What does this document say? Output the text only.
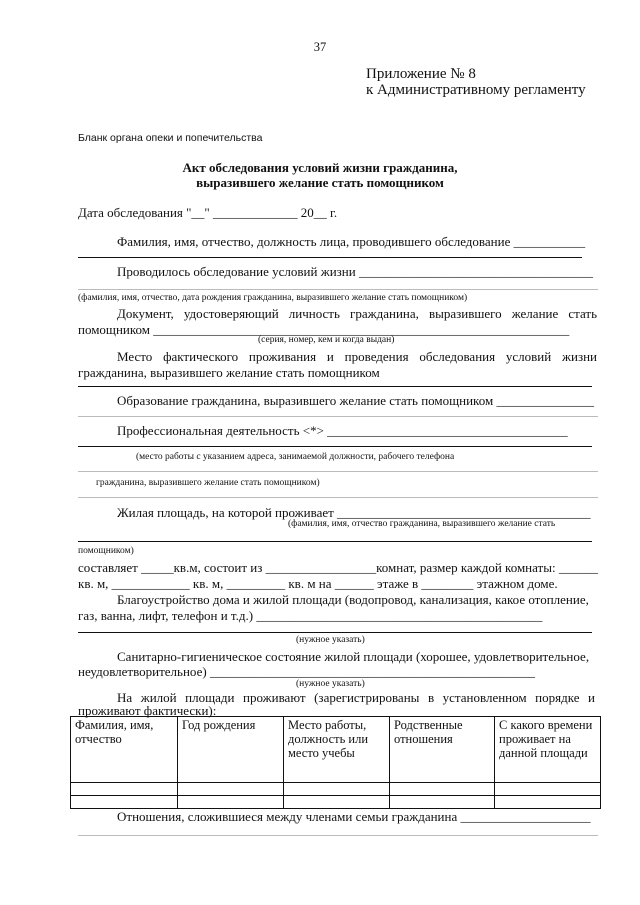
37
Приложение № 8
к Административному регламенту
Бланк органа опеки и попечительства
Акт обследования условий жизни гражданина,
выразившего желание стать помощником
Дата обследования "__" _____________ 20__ г.
Фамилия, имя, отчество, должность лица, проводившего обследование ___________
Проводилось обследование условий жизни ____________________________________
(фамилия, имя, отчество, дата рождения гражданина, выразившего желание стать помощником)
Документ, удостоверяющий личность гражданина, выразившего желание стать
помощником ________________________________________________________________
(серия, номер, кем и когда выдан)
Место фактического проживания и проведения обследования условий жизни
гражданина, выразившего желание стать помощником
Образование гражданина, выразившего желание стать помощником _______________
Профессиональная деятельность <*> _____________________________________
(место работы с указанием адреса, занимаемой должности, рабочего телефона
гражданина, выразившего желание стать помощником)
Жилая площадь, на которой проживает _______________________________________
(фамилия, имя, отчество гражданина, выразившего желание стать
помощником)
составляет _____кв.м, состоит из _________________комнат, размер каждой комнаты: ______
кв. м, ____________ кв. м, _________ кв. м на ______ этаже в ________ этажном доме.
Благоустройство дома и жилой площади (водопровод, канализация, какое отопление,
газ, ванна, лифт, телефон и т.д.) ____________________________________________
(нужное указать)
Санитарно-гигиеническое состояние жилой площади (хорошее, удовлетворительное,
неудовлетворительное) __________________________________________________
(нужное указать)
На жилой площади проживают (зарегистрированы в установленном порядке и
проживают фактически):
Фамилия, имя, отчество	Год рождения	Место работы, должность или место учебы	Родственные отношения	С какого времени проживает на данной площади

Отношения, сложившиеся между членами семьи гражданина ____________________
